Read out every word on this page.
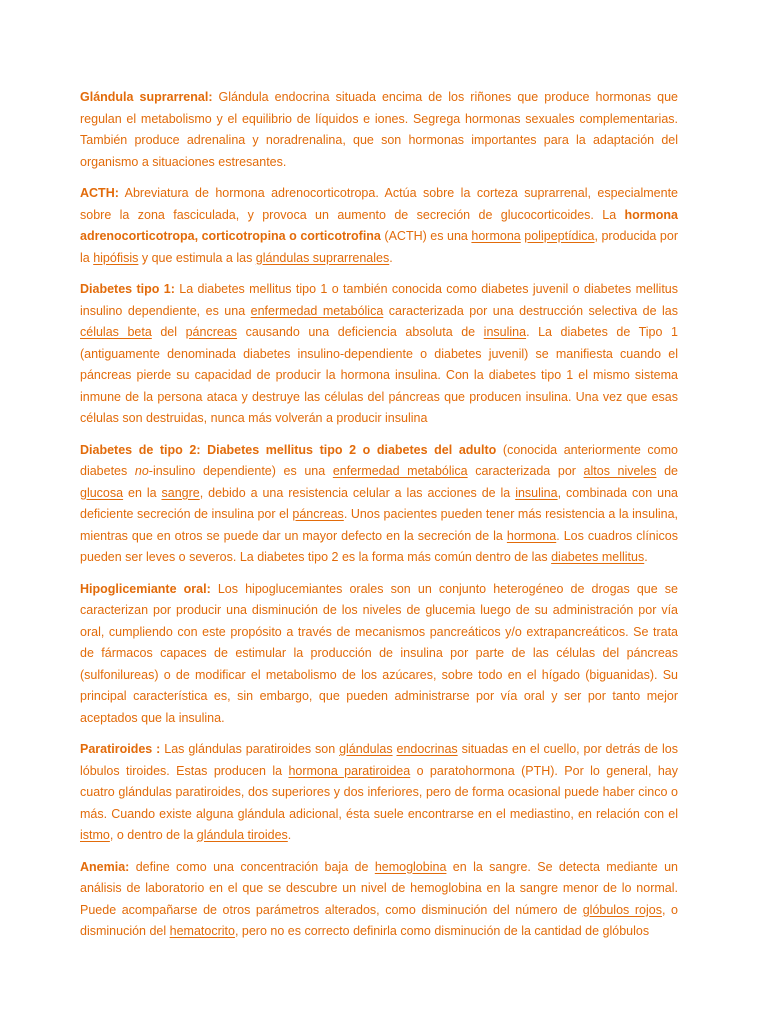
Glándula suprarrenal: Glándula endocrina situada encima de los riñones que produce hormonas que regulan el metabolismo y el equilibrio de líquidos e iones. Segrega hormonas sexuales complementarias. También produce adrenalina y noradrenalina, que son hormonas importantes para la adaptación del organismo a situaciones estresantes.

ACTH: Abreviatura de hormona adrenocorticotropa. Actúa sobre la corteza suprarrenal, especialmente sobre la zona fasciculada, y provoca un aumento de secreción de glucocorticoides. La hormona adrenocorticotropa, corticotropina o corticotrofina (ACTH) es una hormona polipeptídica, producida por la hipófisis y que estimula a las glándulas suprarrenales.

Diabetes tipo 1: La diabetes mellitus tipo 1 o también conocida como diabetes juvenil o diabetes mellitus insulino dependiente, es una enfermedad metabólica caracterizada por una destrucción selectiva de las células beta del páncreas causando una deficiencia absoluta de insulina. La diabetes de Tipo 1 (antiguamente denominada diabetes insulino-dependiente o diabetes juvenil) se manifiesta cuando el páncreas pierde su capacidad de producir la hormona insulina. Con la diabetes tipo 1 el mismo sistema inmune de la persona ataca y destruye las células del páncreas que producen insulina. Una vez que esas células son destruidas, nunca más volverán a producir insulina

Diabetes de tipo 2: Diabetes mellitus tipo 2 o diabetes del adulto (conocida anteriormente como diabetes no-insulino dependiente) es una enfermedad metabólica caracterizada por altos niveles de glucosa en la sangre, debido a una resistencia celular a las acciones de la insulina, combinada con una deficiente secreción de insulina por el páncreas. Unos pacientes pueden tener más resistencia a la insulina, mientras que en otros se puede dar un mayor defecto en la secreción de la hormona. Los cuadros clínicos pueden ser leves o severos. La diabetes tipo 2 es la forma más común dentro de las diabetes mellitus.

Hipoglicemiante oral: Los hipoglucemiantes orales son un conjunto heterogéneo de drogas que se caracterizan por producir una disminución de los niveles de glucemia luego de su administración por vía oral, cumpliendo con este propósito a través de mecanismos pancreáticos y/o extrapancreáticos. Se trata de fármacos capaces de estimular la producción de insulina por parte de las células del páncreas (sulfonilureas) o de modificar el metabolismo de los azúcares, sobre todo en el hígado (biguanidas). Su principal característica es, sin embargo, que pueden administrarse por vía oral y ser por tanto mejor aceptados que la insulina.

Paratiroides : Las glándulas paratiroides son glándulas endocrinas situadas en el cuello, por detrás de los lóbulos tiroides. Estas producen la hormona paratiroidea o paratohormona (PTH). Por lo general, hay cuatro glándulas paratiroides, dos superiores y dos inferiores, pero de forma ocasional puede haber cinco o más. Cuando existe alguna glándula adicional, ésta suele encontrarse en el mediastino, en relación con el istmo, o dentro de la glándula tiroides.

Anemia: define como una concentración baja de hemoglobina en la sangre. Se detecta mediante un análisis de laboratorio en el que se descubre un nivel de hemoglobina en la sangre menor de lo normal. Puede acompañarse de otros parámetros alterados, como disminución del número de glóbulos rojos, o disminución del hematocrito, pero no es correcto definirla como disminución de la cantidad de glóbulos
